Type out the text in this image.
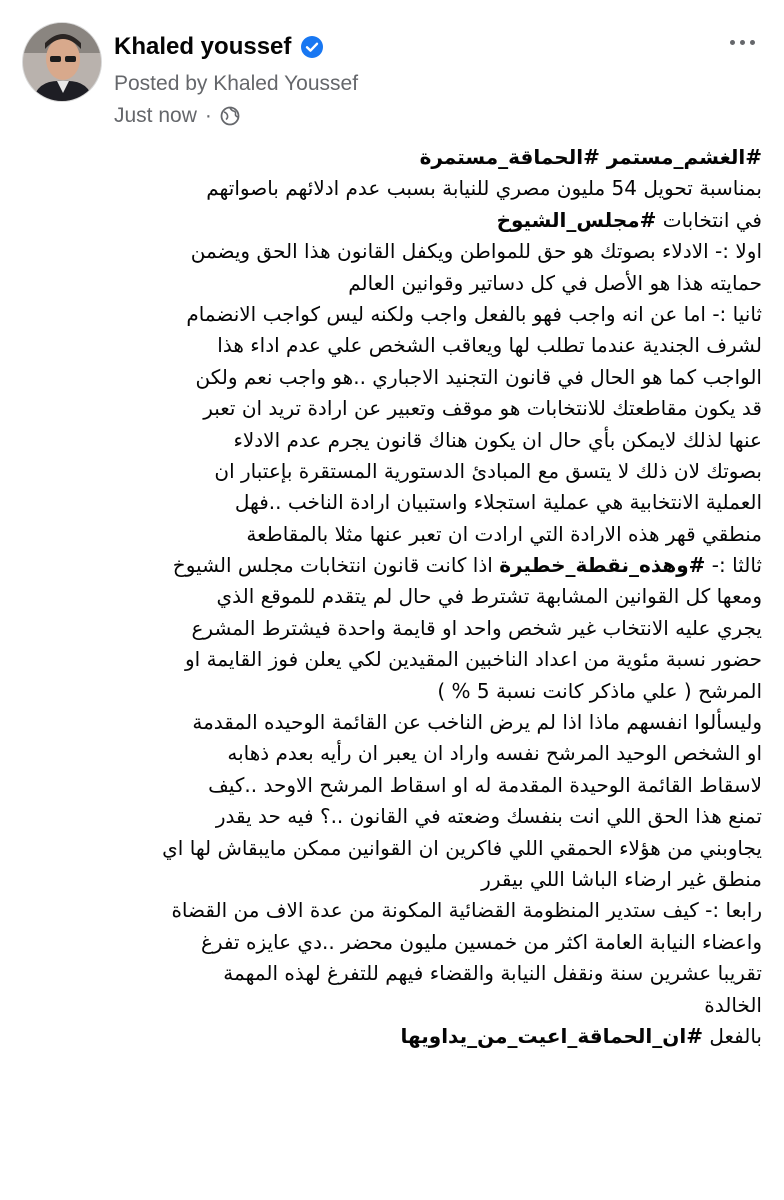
Khaled youssef
Posted by Khaled Youssef
Just now ·
#الغشم_مستمر #الحماقة_مستمرة
بمناسبة تحويل 54 مليون مصري للنيابة بسبب عدم ادلائهم باصواتهم
في انتخابات #مجلس_الشيوخ
اولا :- الادلاء بصوتك هو حق للمواطن ويكفل القانون هذا الحق ويضمن
حمايته هذا هو الأصل في كل دساتير وقوانين العالم
ثانيا :- اما عن انه واجب فهو بالفعل واجب ولكنه ليس كواجب الانضمام
لشرف الجندية عندما تطلب لها ويعاقب الشخص علي عدم اداء هذا
الواجب كما هو الحال في قانون التجنيد الاجباري ..هو واجب نعم ولكن
قد يكون مقاطعتك للانتخابات هو موقف وتعبير عن ارادة تريد ان تعبر
عنها لذلك لايمكن بأي حال ان يكون هناك قانون يجرم عدم الادلاء
بصوتك لان ذلك لا يتسق مع المبادئ الدستورية المستقرة بإعتبار ان
العملية الانتخابية هي عملية استجلاء واستبيان ارادة الناخب ..فهل
منطقي قهر هذه الارادة التي ارادت ان تعبر عنها مثلا بالمقاطعة
ثالثا :- #وهذه_نقطة_خطيرة اذا كانت قانون انتخابات مجلس الشيوخ
ومعها كل القوانين المشابهة تشترط في حال لم يتقدم للموقع الذي
يجري عليه الانتخاب غير شخص واحد او قايمة واحدة فيشترط المشرع
حضور نسبة مئوية من اعداد الناخبين المقيدين لكي يعلن فوز القايمة او
المرشح ( علي ماذكر كانت نسبة 5 % )
وليسألوا انفسهم ماذا اذا لم يرض الناخب عن القائمة الوحيده المقدمة
او الشخص الوحيد المرشح نفسه واراد ان يعبر ان رأيه بعدم ذهابه
لاسقاط القائمة الوحيدة المقدمة له او اسقاط المرشح الاوحد ..كيف
تمنع هذا الحق اللي انت بنفسك وضعته في القانون ..؟ فيه حد يقدر
يجاوبني من هؤلاء الحمقي اللي فاكرين ان القوانين ممكن مايبقاش لها اي
منطق غير ارضاء الباشا اللي بيقرر
رابعا :- كيف ستدير المنظومة القضائية المكونة من عدة الاف من القضاة
واعضاء النيابة العامة اكثر من خمسين مليون محضر ..دي عايزه تفرغ
تقريبا عشرين سنة ونقفل النيابة والقضاء فيهم للتفرغ لهذه المهمة
الخالدة
بالفعل #ان_الحماقة_اعيت_من_يداويها
